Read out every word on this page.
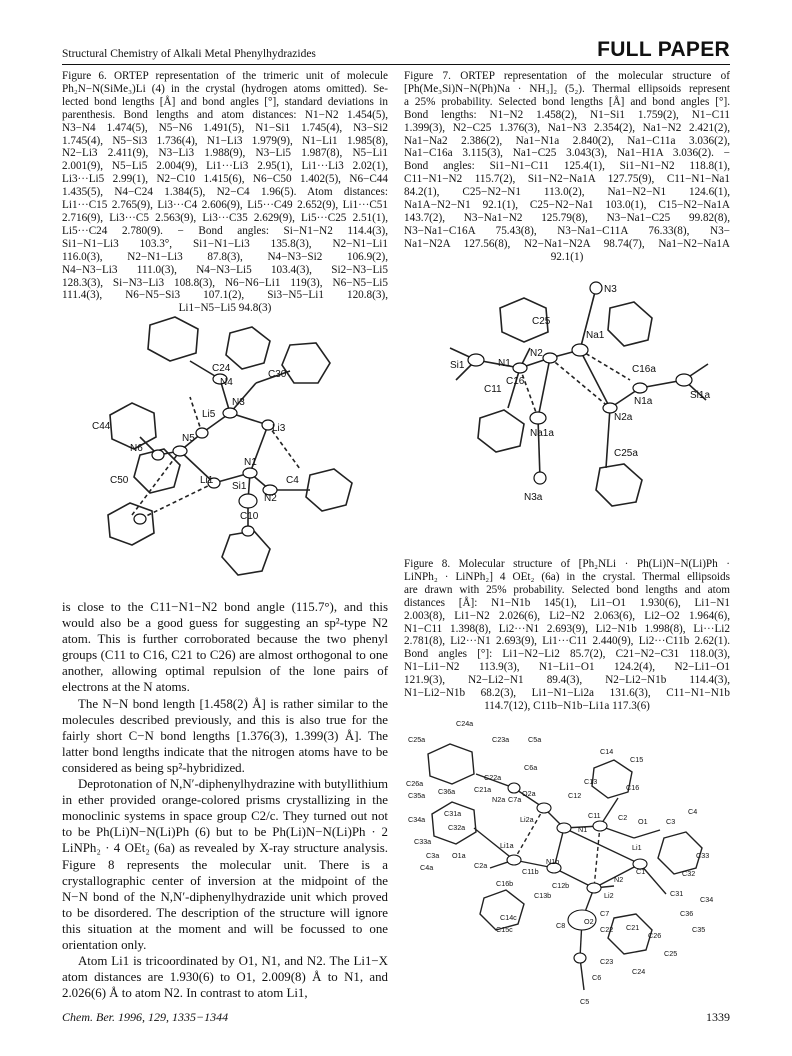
Structural Chemistry of Alkali Metal Phenylhydrazides	FULL PAPER
Figure 6. ORTEP representation of the trimeric unit of molecule
Ph₂N−N(SiMe₃)Li (4) in the crystal (hydrogen atoms omitted). Se-
lected bond lengths [Å] and bond angles [°], standard deviations in
parenthesis. Bond lengths and atom distances: N1−N2 1.454(5),
N3−N4 1.474(5), N5−N6 1.491(5), N1−Si1 1.745(4), N3−Si2
1.745(4), N5−Si3 1.736(4), N1−Li3 1.979(9), N1−Li1 1.985(8),
N2−Li3 2.411(9), N3−Li3 1.988(9), N3−Li5 1.987(8), N5−Li1
2.001(9), N5−Li5 2.004(9), Li1···Li3 2.95(1), Li1···Li3 2.02(1),
Li3···Li5 2.99(1), N2−C10 1.415(6), N6−C50 1.402(5), N6−C44
1.435(5), N4−C24 1.384(5), N2−C4 1.96(5). Atom distances:
Li1···C15 2.765(9), Li3···C4 2.606(9), Li5···C49 2.652(9), Li1···C51
2.716(9), Li3···C5 2.563(9), Li3···C35 2.629(9), Li5···C25 2.51(1),
Li5···C24 2.780(9). − Bond angles: Si−N1−N2 114.4(3),
Si1−N1−Li3 103.3°, Si1−N1−Li3 135.8(3), N2−N1−Li1
116.0(3), N2−N1−Li3 87.8(3), N4−N3−Si2 106.9(2),
N4−N3−Li3 111.0(3), N4−N3−Li5 103.4(3), Si2−N3−Li5
128.3(3), Si−N3−Li3 108.8(3), N6−N6−Li1 119(3), N6−N5−Li5
111.4(3), N6−N5−Si3 107.1(2), Si3−N5−Li1 120.8(3),
Li1−N5−Li5 94.8(3)
Figure 7. ORTEP representation of the molecular structure of
[Ph(Me₃Si)N−N(Ph)Na · NH₃]₂ (5₂). Thermal ellipsoids represent
a 25% probability. Selected bond lengths [Å] and bond angles [°].
Bond lengths: N1−N2 1.458(2), N1−Si1 1.759(2), N1−C11
1.399(3), N2−C25 1.376(3), Na1−N3 2.354(2), Na1−N2 2.421(2),
Na1−Na2 2.386(2), Na1−N1a 2.840(2), Na1−C11a 3.036(2),
Na1−C16a 3.115(3), Na1−C25 3.043(3), Na1−H1A 3.036(2). −
Bond angles: Si1−N1−C11 125.4(1), Si1−N1−N2 118.8(1),
C11−N1−N2 115.7(2), Si1−N2−Na1A 127.75(9), C11−N1−Na1
84.2(1), C25−N2−N1 113.0(2), Na1−N2−N1 124.6(1),
Na1A−N2−N1 92.1(1), C25−N2−Na1 103.0(1), C15−N2−Na1A
143.7(2), N3−Na1−N2 125.79(8), N3−Na1−C25 99.82(8),
N3−Na1−C16A 75.43(8), N3−Na1−C11A 76.33(8), N3−
Na1−N2A 127.56(8), N2−Na1−N2A 98.74(7), Na1−N2−Na1A
92.1(1)
C24
N4
C30
N3
Li5
Li3
C44
N5
N6
N1
C50	Li1
Si1
N2
C4
C10
N3
C25
Na1
N2
Si1	N1
C11
C16
C16a
N1a
Si1a
N2a
Na1a
C25a
N3a
Figure 8. Molecular structure of [Ph₂NLi · Ph(Li)N−N(Li)Ph ·
LiNPh₂ · LiNPh₂] 4 OEt₂ (6a) in the crystal. Thermal ellipsoids
are drawn with 25% probability. Selected bond lengths and atom
distances [Å]: N1−N1b 145(1), Li1−O1 1.930(6), Li1−N1
2.003(8), Li1−N2 2.026(6), Li2−N2 2.063(6), Li2−O2 1.964(6),
N1−C11 1.398(8), Li2···N1 2.693(9), Li2−N1b 1.998(8), Li···Li2
2.781(8), Li2···N1 2.693(9), Li1···C11 2.440(9), Li2···C11b 2.62(1).
Bond angles [°]: Li1−N2−Li2 85.7(2), C21−N2−C31 118.0(3),
N1−Li1−N2 113.9(3), N1−Li1−O1 124.2(4), N2−Li1−O1
121.9(3), N2−Li2−N1 89.4(3), N2−Li2−N1b 114.4(3),
N1−Li2−N1b 68.2(3), Li1−N1−Li2a 131.6(3), C11−N1−N1b
114.7(12), C11b−N1b−Li1a 117.3(6)

is close to the C11−N1−N2 bond angle (115.7°), and this would also be a good guess for suggesting an sp²-type N2 atom. This is further corroborated because the two phenyl groups (C11 to C16, C21 to C26) are almost orthogonal to one another, allowing optimal repulsion of the lone pairs of electrons at the N atoms.

The N−N bond length [1.458(2) Å] is rather similar to the molecules described previously, and this is also true for the fairly short C−N bond lengths [1.376(3), 1.399(3) Å]. The latter bond lengths indicate that the nitrogen atoms have to be considered as being sp²-hybridized.

Deprotonation of N,N′-diphenylhydrazine with butyllithium in ether provided orange-colored prisms crystallizing in the monoclinic systems in space group C2/c. They turned out not to be Ph(Li)N−N(Li)Ph (6) but to be Ph(Li)N−N(Li)Ph · 2 LiNPh₂ · 4 OEt₂ (6a) as revealed by X-ray structure analysis. Figure 8 represents the molecular unit. There is a crystallographic center of inversion at the midpoint of the N−N bond of the N,N′-diphenylhydrazide unit which proved to be disordered. The description of the structure will ignore this situation at the moment and will be focussed to one orientation only.

Atom Li1 is tricoordinated by O1, N1, and N2. The Li1−X atom distances are 1.930(6) to O1, 2.009(8) Å to N1, and 2.026(6) Å to atom N2. In contrast to atom Li1,

C24a
C25a	C23a	C5a
C14
C15
C26a
C22a
C6a
C35a C36a	C21a
N2a C7a
O2a
C13
C16
C12
C34a
C31a
Li2a	C11 C2
C4
C32a	N1
O1	C3
C33a	Li1a	Li1
C3a O1a	C33
C4a	C2a	N1b
C1	C32
C11b
N2
C12b
Li2	C31
C34
C16b
C13b
C7	C36
C8	O2
C22 C21
C26
C35
C14c
C15c
C23
C25
C6
C24
C5
Chem. Ber. 1996, 129, 1335−1344	1339
